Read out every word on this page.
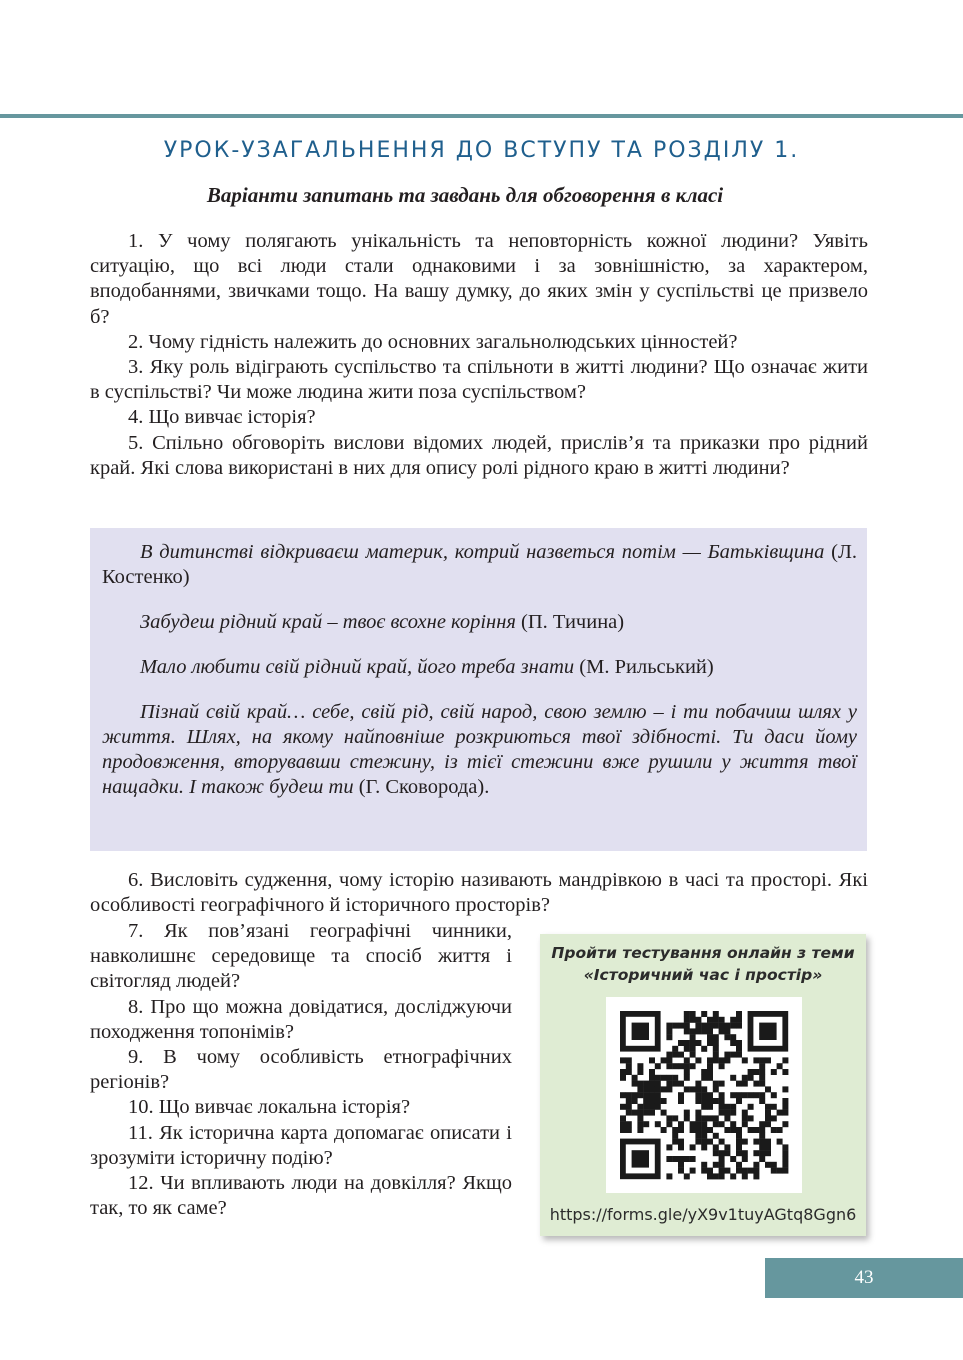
УРОК-УЗАГАЛЬНЕННЯ ДО ВСТУПУ ТА РОЗДІЛУ 1.
Варіанти запитань та завдань для обговорення в класі

1. У чому полягають унікальність та неповторність кожної людини? Уявіть ситуацію, що всі люди стали однаковими і за зовнішністю, за характером, вподобаннями, звичками тощо. На вашу думку, до яких змін у суспільстві це призвело б?

2. Чому гідність належить до основних загальнолюдських цінностей?

3. Яку роль відіграють суспільство та спільноти в житті людини? Що означає жити в суспільстві? Чи може людина жити поза суспільством?

4. Що вивчає історія?

5. Спільно обговоріть вислови відомих людей, прислів’я та приказки про рідний край. Які слова використані в них для опису ролі рідного краю в житті людини?

В дитинстві відкриваєш материк, котрий назветься потім — Батьківщина (Л. Костенко)

Забудеш рідний край – твоє всохне коріння (П. Тичина)

Мало любити свій рідний край, його треба знати (М. Рильський)

Пізнай свій край… себе, свій рід, свій народ, свою землю – і ти побачиш шлях у життя. Шлях, на якому найповніше розкриються твої здібності. Ти даси йому продовження, вторувавши стежину, із тієї стежини вже рушили у життя твої нащадки. І також будеш ти (Г. Сковорода).

6. Висловіть судження, чому історію називають мандрівкою в часі та просторі. Які особливості географічного й історичного просторів?

7. Як пов’язані географічні чинники, навколишнє середовище та спосіб життя і світогляд людей?

8. Про що можна довідатися, досліджуючи походження топонімів?

9. В чому особливість етнографічних регіонів?

10. Що вивчає локальна історія?

11. Як історична карта допомагає описати і зрозуміти історичну подію?

12. Чи впливають люди на довкілля? Якщо так, то як саме?

Пройти тестування онлайн з теми «Історичний час і простір»
https://forms.gle/yX9v1tuyAGtq8Ggn6
43
